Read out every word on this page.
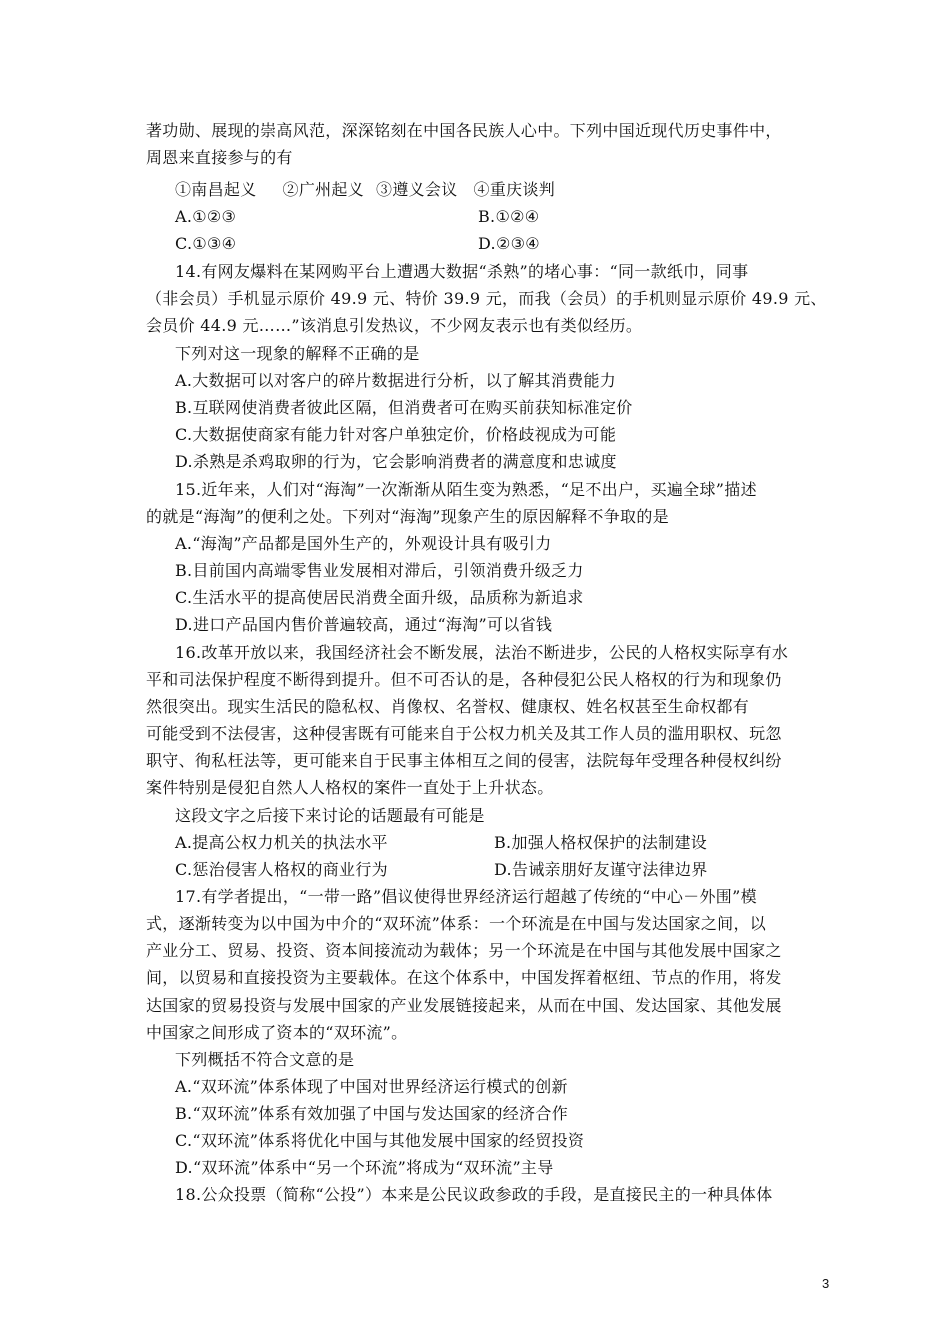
著功勋、展现的崇高风范，深深铭刻在中国各民族人心中。下列中国近现代历史事件中，
周恩来直接参与的有
①南昌起义 ②广州起义 ③遵义会议 ④重庆谈判
A.①②③	B.①②④
C.①③④	D.②③④
14.有网友爆料在某网购平台上遭遇大数据“杀熟”的堵心事：“同一款纸巾，同事
（非会员）手机显示原价 49.9 元、特价 39.9 元，而我（会员）的手机则显示原价 49.9 元、
会员价 44.9 元……”该消息引发热议，不少网友表示也有类似经历。
下列对这一现象的解释不正确的是
A.大数据可以对客户的碎片数据进行分析，以了解其消费能力
B.互联网使消费者彼此区隔，但消费者可在购买前获知标准定价
C.大数据使商家有能力针对客户单独定价，价格歧视成为可能
D.杀熟是杀鸡取卵的行为，它会影响消费者的满意度和忠诚度
15.近年来，人们对“海淘”一次渐渐从陌生变为熟悉，“足不出户，买遍全球”描述
的就是“海淘”的便利之处。下列对“海淘”现象产生的原因解释不争取的是
A.“海淘”产品都是国外生产的，外观设计具有吸引力
B.目前国内高端零售业发展相对滞后，引领消费升级乏力
C.生活水平的提高使居民消费全面升级，品质称为新追求
D.进口产品国内售价普遍较高，通过“海淘”可以省钱
16.改革开放以来，我国经济社会不断发展，法治不断进步，公民的人格权实际享有水
平和司法保护程度不断得到提升。但不可否认的是，各种侵犯公民人格权的行为和现象仍
然很突出。现实生活民的隐私权、肖像权、名誉权、健康权、姓名权甚至生命权都有
可能受到不法侵害，这种侵害既有可能来自于公权力机关及其工作人员的滥用职权、玩忽
职守、徇私枉法等，更可能来自于民事主体相互之间的侵害，法院每年受理各种侵权纠纷
案件特别是侵犯自然人人格权的案件一直处于上升状态。
这段文字之后接下来讨论的话题最有可能是
A.提高公权力机关的执法水平	B.加强人格权保护的法制建设
C.惩治侵害人格权的商业行为	D.告诫亲朋好友谨守法律边界
17.有学者提出，“一带一路”倡议使得世界经济运行超越了传统的“中心－外围”模
式，逐渐转变为以中国为中介的“双环流”体系：一个环流是在中国与发达国家之间，以
产业分工、贸易、投资、资本间接流动为载体；另一个环流是在中国与其他发展中国家之
间，以贸易和直接投资为主要载体。在这个体系中，中国发挥着枢纽、节点的作用，将发
达国家的贸易投资与发展中国家的产业发展链接起来，从而在中国、发达国家、其他发展
中国家之间形成了资本的“双环流”。
下列概括不符合文意的是
A.“双环流”体系体现了中国对世界经济运行模式的创新
B.“双环流”体系有效加强了中国与发达国家的经济合作
C.“双环流”体系将优化中国与其他发展中国家的经贸投资
D.“双环流”体系中“另一个环流”将成为“双环流”主导
18.公众投票（简称“公投”）本来是公民议政参政的手段，是直接民主的一种具体体
3
